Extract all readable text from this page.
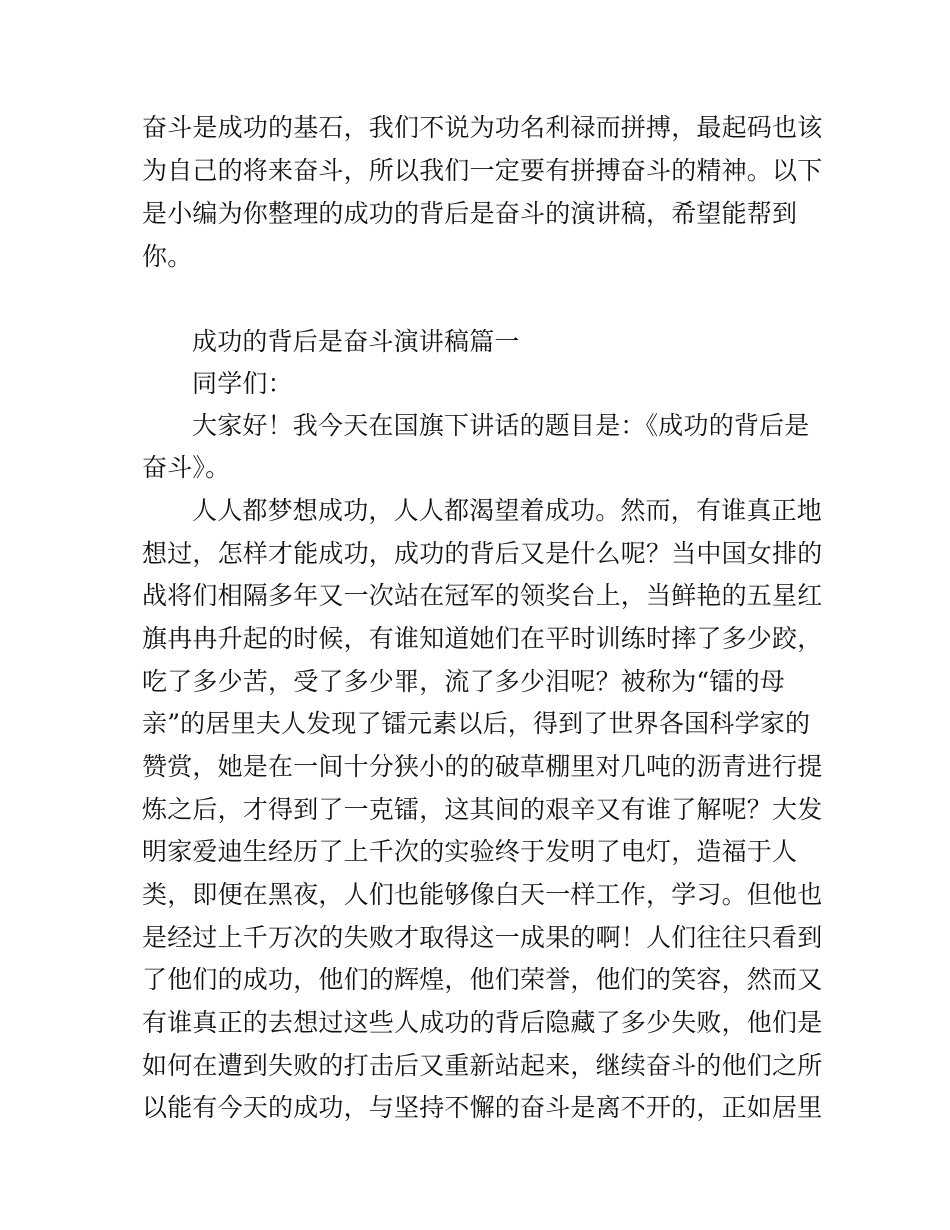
奋斗是成功的基石，我们不说为功名利禄而拼搏，最起码也该
为自己的将来奋斗，所以我们一定要有拼搏奋斗的精神。以下
是小编为你整理的成功的背后是奋斗的演讲稿，希望能帮到
你。
成功的背后是奋斗演讲稿篇一
同学们：
大家好！我今天在国旗下讲话的题目是：《成功的背后是
奋斗》。
人人都梦想成功，人人都渴望着成功。然而，有谁真正地
想过，怎样才能成功，成功的背后又是什么呢？当中国女排的
战将们相隔多年又一次站在冠军的领奖台上，当鲜艳的五星红
旗冉冉升起的时候，有谁知道她们在平时训练时摔了多少跤，
吃了多少苦，受了多少罪，流了多少泪呢？被称为“镭的母
亲”的居里夫人发现了镭元素以后，得到了世界各国科学家的
赞赏，她是在一间十分狭小的的破草棚里对几吨的沥青进行提
炼之后，才得到了一克镭，这其间的艰辛又有谁了解呢？大发
明家爱迪生经历了上千次的实验终于发明了电灯，造福于人
类，即便在黑夜，人们也能够像白天一样工作，学习。但他也
是经过上千万次的失败才取得这一成果的啊！人们往往只看到
了他们的成功，他们的辉煌，他们荣誉，他们的笑容，然而又
有谁真正的去想过这些人成功的背后隐藏了多少失败，他们是
如何在遭到失败的打击后又重新站起来，继续奋斗的他们之所
以能有今天的成功，与坚持不懈的奋斗是离不开的，正如居里
